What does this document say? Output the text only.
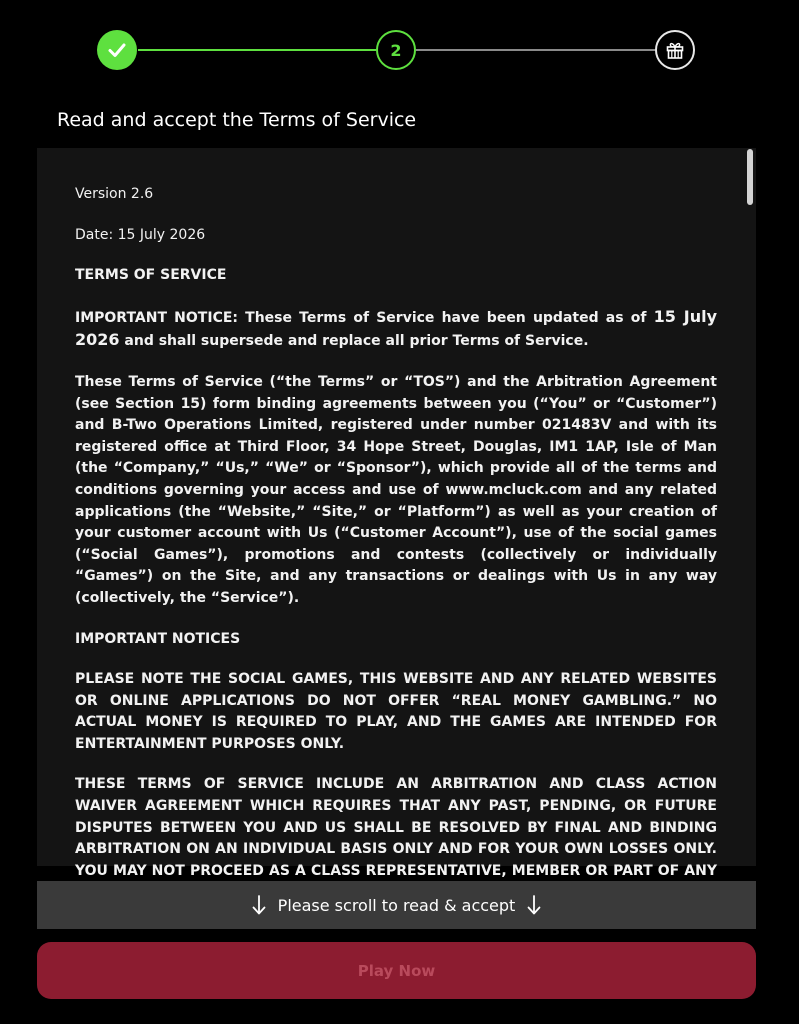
2
Read and accept the Terms of Service

Version 2.6

Date: 15 July 2026

TERMS OF SERVICE

IMPORTANT NOTICE: These Terms of Service have been updated as of 15 July 2026 and shall supersede and replace all prior Terms of Service.

These Terms of Service (“the Terms” or “TOS”) and the Arbitration Agreement (see Section 15) form binding agreements between you (“You” or “Customer”) and B-Two Operations Limited, registered under number 021483V and with its registered office at Third Floor, 34 Hope Street, Douglas, IM1 1AP, Isle of Man (the “Company,” “Us,” “We” or “Sponsor”), which provide all of the terms and conditions governing your access and use of www.mcluck.com and any related applications (the “Website,” “Site,” or “Platform”) as well as your creation of your customer account with Us (“Customer Account”), use of the social games (“Social Games”), promotions and contests (collectively or individually “Games”) on the Site, and any transactions or dealings with Us in any way (collectively, the “Service”).

IMPORTANT NOTICES

PLEASE NOTE THE SOCIAL GAMES, THIS WEBSITE AND ANY RELATED WEBSITES OR ONLINE APPLICATIONS DO NOT OFFER “REAL MONEY GAMBLING.” NO ACTUAL MONEY IS REQUIRED TO PLAY, AND THE GAMES ARE INTENDED FOR ENTERTAINMENT PURPOSES ONLY.

THESE TERMS OF SERVICE INCLUDE AN ARBITRATION AND CLASS ACTION WAIVER AGREEMENT WHICH REQUIRES THAT ANY PAST, PENDING, OR FUTURE DISPUTES BETWEEN YOU AND US SHALL BE RESOLVED BY FINAL AND BINDING ARBITRATION ON AN INDIVIDUAL BASIS ONLY AND FOR YOUR OWN LOSSES ONLY. YOU MAY NOT PROCEED AS A CLASS REPRESENTATIVE, MEMBER OR PART OF ANY

Please scroll to read & accept
Play Now
